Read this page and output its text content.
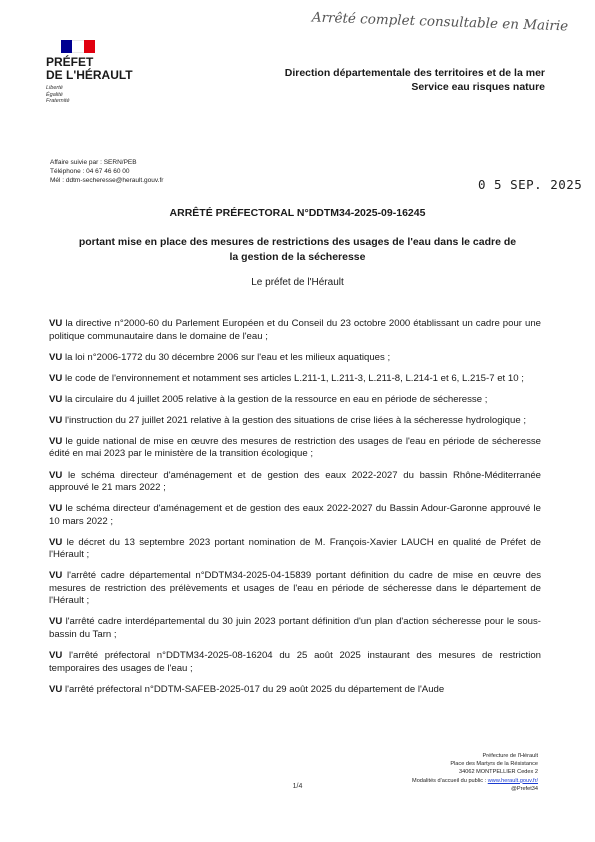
PRÉFET
DE L'HÉRAULT
Liberté
Égalité
Fraternité
Arrêté complet consultable en Mairie
Direction départementale des territoires et de la mer
Service eau risques nature
Affaire suivie par : SERN/PEB
Téléphone : 04 67 46 60 00
Mél : ddtm-secheresse@herault.gouv.fr	0 5 SEP. 2025
ARRÊTÉ PRÉFECTORAL N°DDTM34-2025-09-16245
portant mise en place des mesures de restrictions des usages de l'eau dans le cadre de la gestion de la sécheresse
Le préfet de l'Hérault

VU la directive n°2000-60 du Parlement Européen et du Conseil du 23 octobre 2000 établissant un cadre pour une politique communautaire dans le domaine de l'eau ;

VU la loi n°2006-1772 du 30 décembre 2006 sur l'eau et les milieux aquatiques ;

VU le code de l'environnement et notamment ses articles L.211-1, L.211-3, L.211-8, L.214-1 et 6, L.215-7 et 10 ;

VU la circulaire du 4 juillet 2005 relative à la gestion de la ressource en eau en période de sécheresse ;

VU l'instruction du 27 juillet 2021 relative à la gestion des situations de crise liées à la sécheresse hydrologique ;

VU le guide national de mise en œuvre des mesures de restriction des usages de l'eau en période de sécheresse édité en mai 2023 par le ministère de la transition écologique ;

VU le schéma directeur d'aménagement et de gestion des eaux 2022-2027 du bassin Rhône-Méditerranée approuvé le 21 mars 2022 ;

VU le schéma directeur d'aménagement et de gestion des eaux 2022-2027 du Bassin Adour-Garonne approuvé le 10 mars 2022 ;

VU le décret du 13 septembre 2023 portant nomination de M. François-Xavier LAUCH en qualité de Préfet de l'Hérault ;

VU l'arrêté cadre départemental n°DDTM34-2025-04-15839 portant définition du cadre de mise en œuvre des mesures de restriction des prélèvements et usages de l'eau en période de sécheresse dans le département de l'Hérault ;

VU l'arrêté cadre interdépartemental du 30 juin 2023 portant définition d'un plan d'action sécheresse pour le sous-bassin du Tarn ;

VU l'arrêté préfectoral n°DDTM34-2025-08-16204 du 25 août 2025 instaurant des mesures de restriction temporaires des usages de l'eau ;

VU l'arrêté préfectoral n°DDTM-SAFEB-2025-017 du 29 août 2025 du département de l'Aude

Préfecture de l'Hérault
Place des Martyrs de la Résistance
34062 MONTPELLIER Cedex 2
Modalités d'accueil du public : www.herault.gouv.fr/
@Prefet34
1/4
